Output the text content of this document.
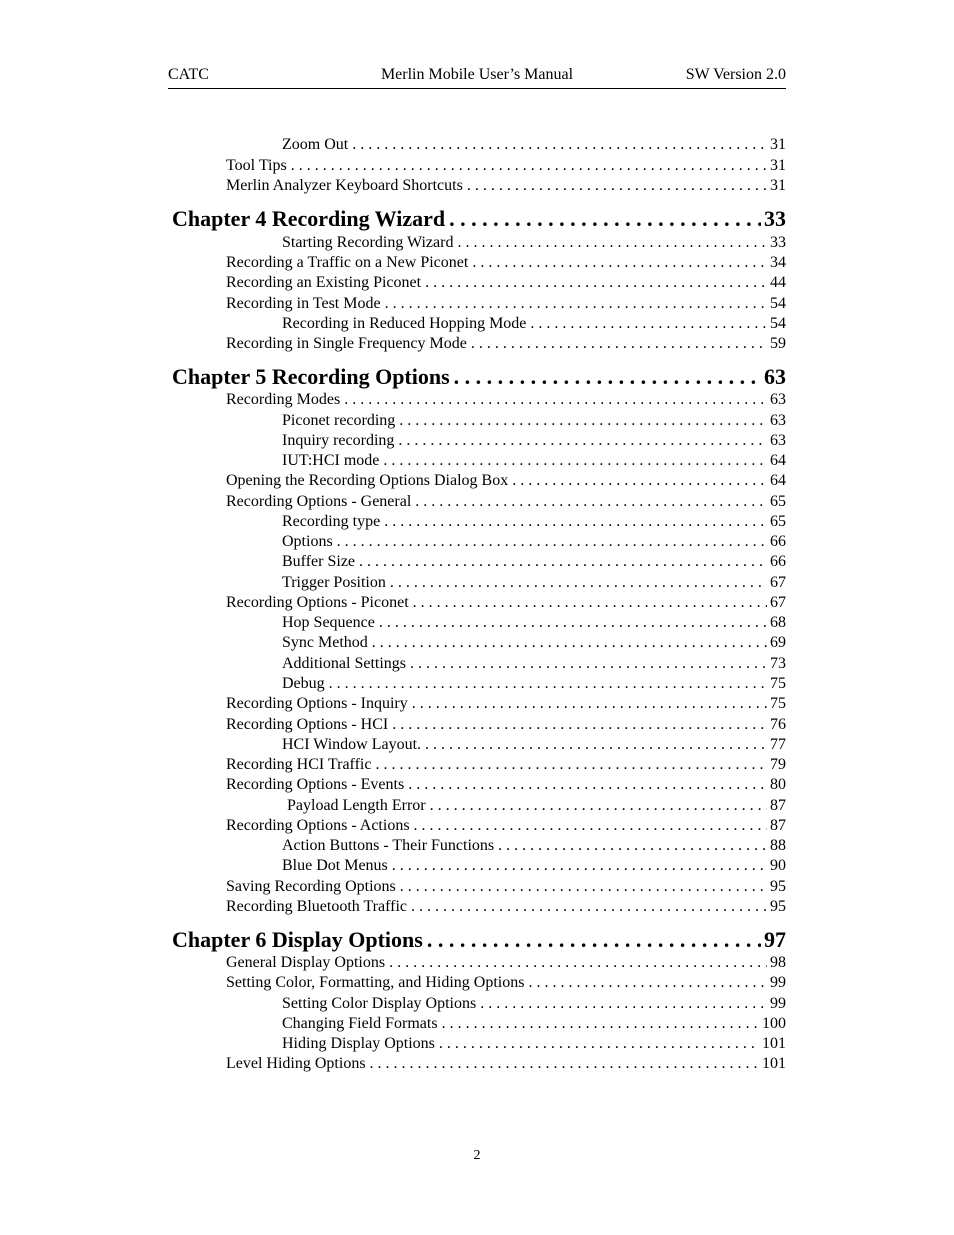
CATC	Merlin Mobile User’s Manual	SW Version 2.0
Zoom Out . . .	31
Tool Tips . . .	31
Merlin Analyzer Keyboard Shortcuts . . .	31
Chapter 4 Recording Wizard . . .	33
Starting Recording Wizard . . .	33
Recording a Traffic on a New Piconet . . .	34
Recording an Existing Piconet . . .	44
Recording in Test Mode . . .	54
Recording in Reduced Hopping Mode . . .	54
Recording in Single Frequency Mode . . .	59
Chapter 5 Recording Options . . .	63
Recording Modes . . .	63
Piconet recording . . .	63
Inquiry recording . . .	63
IUT:HCI mode . . .	64
Opening the Recording Options Dialog Box . . .	64
Recording Options - General . . .	65
Recording type . . .	65
Options . . .	66
Buffer Size . . .	66
Trigger Position . . .	67
Recording Options - Piconet . . .	67
Hop Sequence . . .	68
Sync Method . . .	69
Additional Settings . . .	73
Debug . . .	75
Recording Options - Inquiry . . .	75
Recording Options - HCI . . .	76
HCI Window Layout. . . .	77
Recording HCI Traffic . . .	79
Recording Options - Events . . .	80
Payload Length Error . . .	87
Recording Options - Actions . . .	87
Action Buttons - Their Functions . . .	88
Blue Dot Menus . . .	90
Saving Recording Options . . .	95
Recording Bluetooth Traffic . . .	95
Chapter 6 Display Options . . .	97
General Display Options . . .	98
Setting Color, Formatting, and Hiding Options . . .	99
Setting Color Display Options . . .	99
Changing Field Formats . . .	100
Hiding Display Options . . .	101
Level Hiding Options . . .	101
2
